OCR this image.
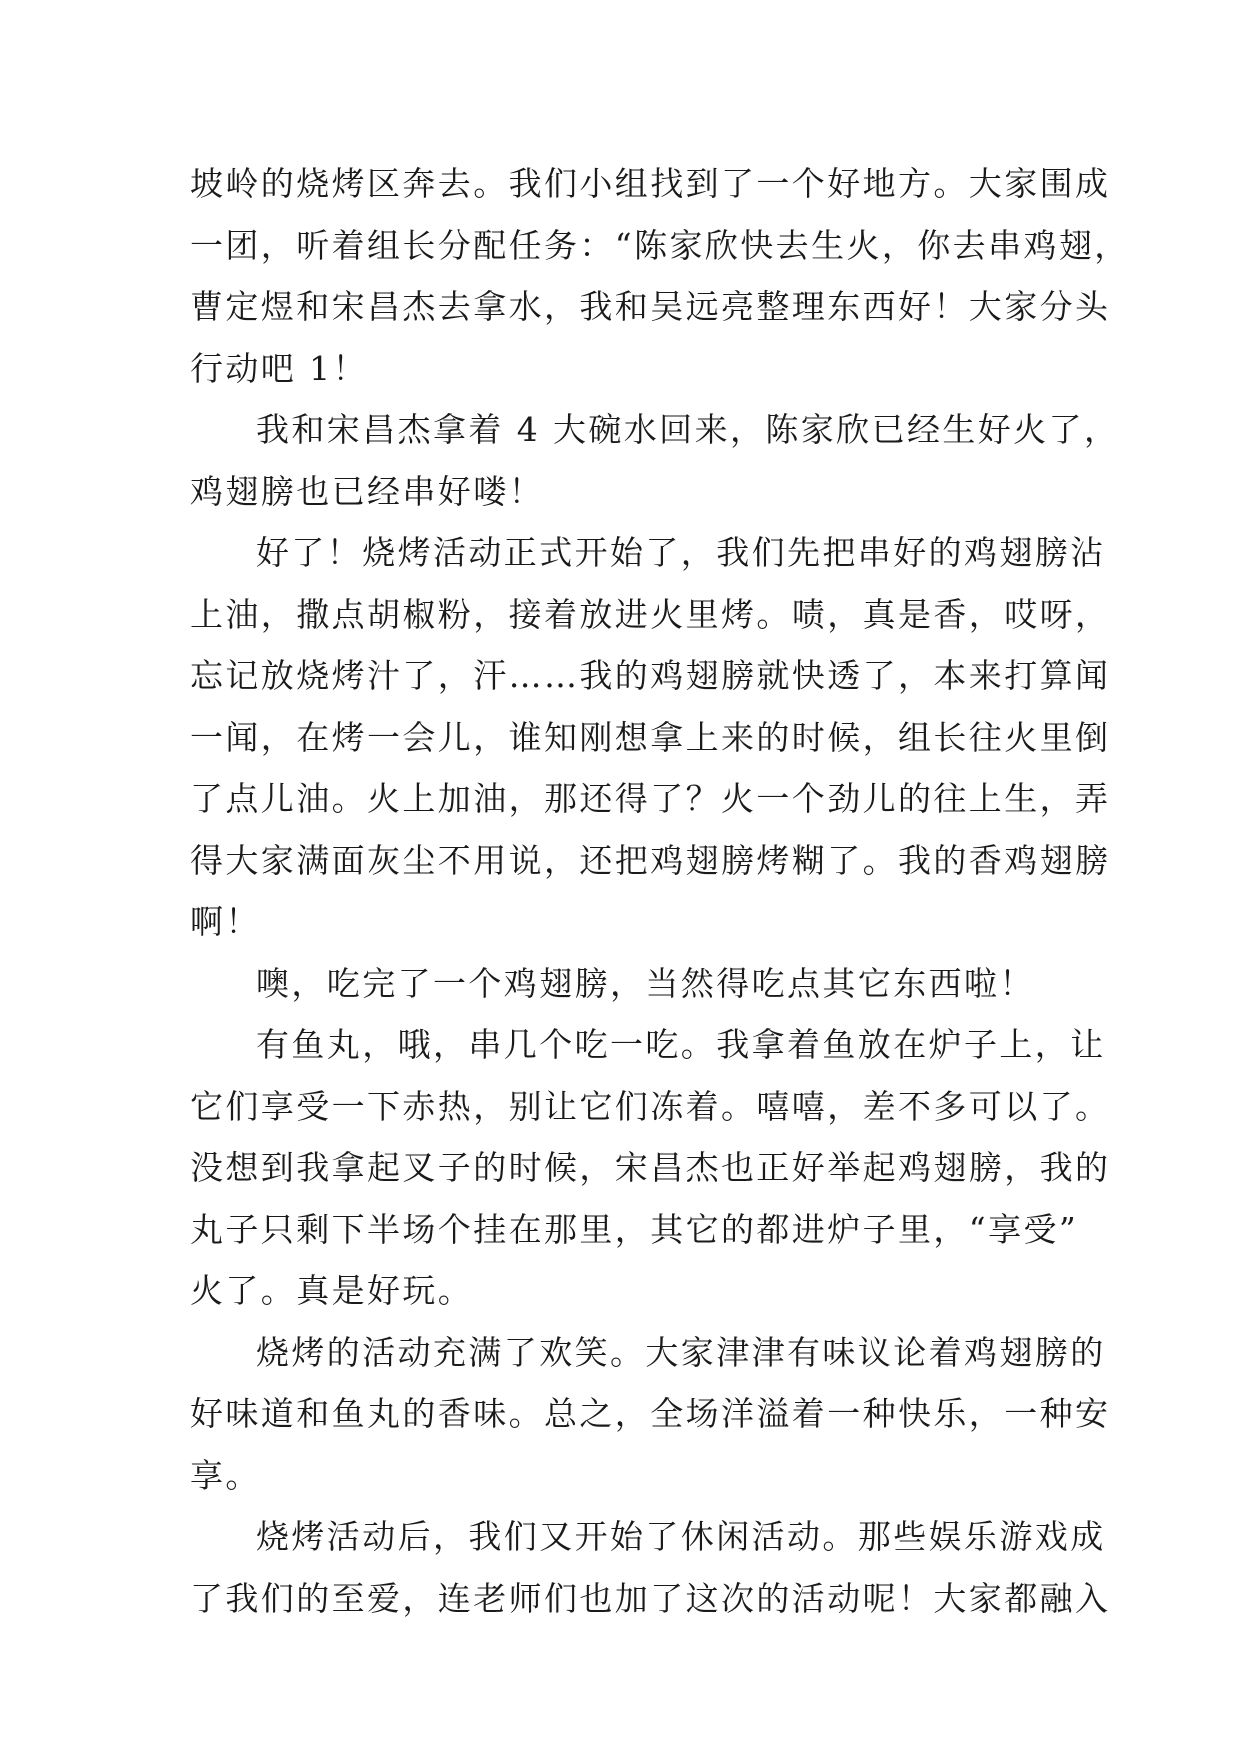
坡岭的烧烤区奔去。我们小组找到了一个好地方。大家围成
一团，听着组长分配任务：“陈家欣快去生火，你去串鸡翅，
曹定煜和宋昌杰去拿水，我和吴远亮整理东西好！大家分头
行动吧 1！
我和宋昌杰拿着 4 大碗水回来，陈家欣已经生好火了，
鸡翅膀也已经串好喽！
好了！烧烤活动正式开始了，我们先把串好的鸡翅膀沾
上油，撒点胡椒粉，接着放进火里烤。啧，真是香，哎呀，
忘记放烧烤汁了，汗……我的鸡翅膀就快透了，本来打算闻
一闻，在烤一会儿，谁知刚想拿上来的时候，组长往火里倒
了点儿油。火上加油，那还得了？火一个劲儿的往上生，弄
得大家满面灰尘不用说，还把鸡翅膀烤糊了。我的香鸡翅膀
啊！
噢，吃完了一个鸡翅膀，当然得吃点其它东西啦！
有鱼丸，哦，串几个吃一吃。我拿着鱼放在炉子上，让
它们享受一下赤热，别让它们冻着。嘻嘻，差不多可以了。
没想到我拿起叉子的时候，宋昌杰也正好举起鸡翅膀，我的
丸子只剩下半场个挂在那里，其它的都进炉子里，“享受”
火了。真是好玩。
烧烤的活动充满了欢笑。大家津津有味议论着鸡翅膀的
好味道和鱼丸的香味。总之，全场洋溢着一种快乐，一种安
享。
烧烤活动后，我们又开始了休闲活动。那些娱乐游戏成
了我们的至爱，连老师们也加了这次的活动呢！大家都融入
